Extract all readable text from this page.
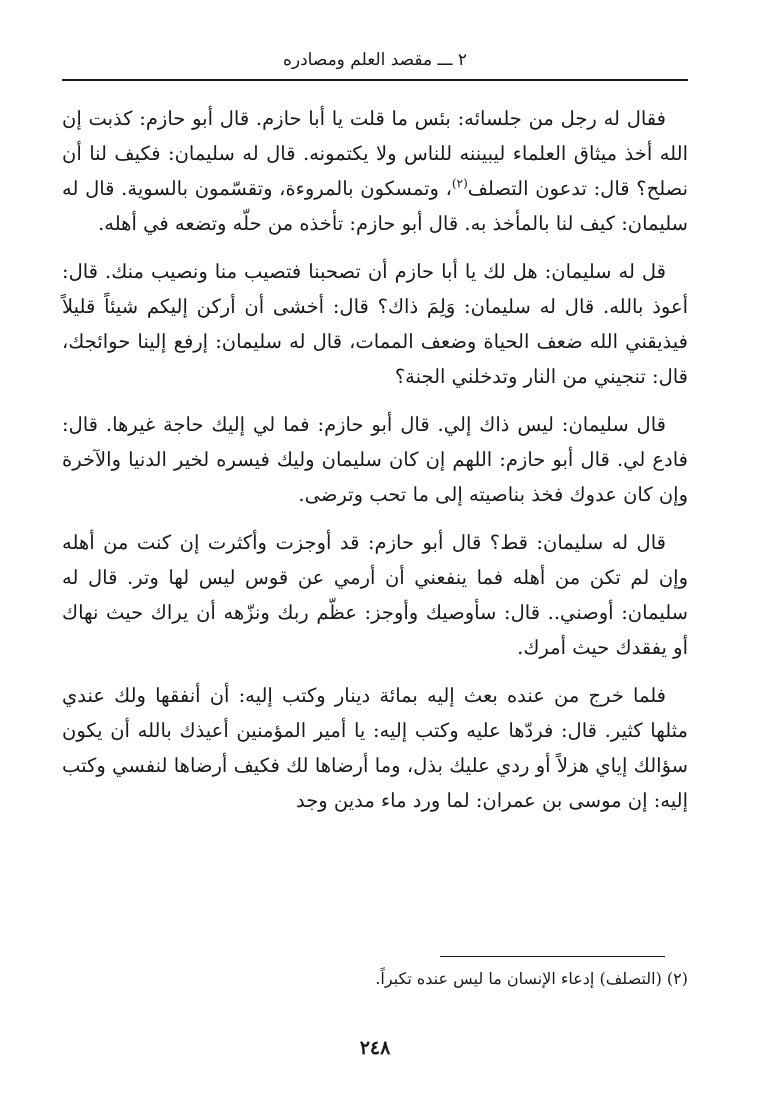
٢ ـــ مقصد العلم ومصادره

فقال له رجل من جلسائه: بئس ما قلت يا أبا حازم. قال أبو حازم: كذبت إن الله أخذ ميثاق العلماء ليبيننه للناس ولا يكتمونه. قال له سليمان: فكيف لنا أن نصلح؟ قال: تدعون التصلف$^{(٢)}$، وتمسكون بالمروءة، وتقسّمون بالسوية. قال له سليمان: كيف لنا بالمأخذ به. قال أبو حازم: تأخذه من حلّه وتضعه في أهله.

قل له سليمان: هل لك يا أبا حازم أن تصحبنا فتصيب منا ونصيب منك. قال: أعوذ بالله. قال له سليمان: وَلِمَ ذاك؟ قال: أخشى أن أركن إليكم شيئاً قليلاً فيذيقني الله ضعف الحياة وضعف الممات، قال له سليمان: إرفع إلينا حوائجك، قال: تنجيني من النار وتدخلني الجنة؟

قال سليمان: ليس ذاك إلي. قال أبو حازم: فما لي إليك حاجة غيرها. قال: فادع لي. قال أبو حازم: اللهم إن كان سليمان وليك فيسره لخير الدنيا والآخرة وإن كان عدوك فخذ بناصيته إلى ما تحب وترضى.

قال له سليمان: قط؟ قال أبو حازم: قد أوجزت وأكثرت إن كنت من أهله وإن لم تكن من أهله فما ينفعني أن أرمي عن قوس ليس لها وتر. قال له سليمان: أوصني.. قال: سأوصيك وأوجز: عظّم ربك ونزّهه أن يراك حيث نهاك أو يفقدك حيث أمرك.

فلما خرج من عنده بعث إليه بمائة دينار وكتب إليه: أن أنفقها ولك عندي مثلها كثير. قال: فردّها عليه وكتب إليه: يا أمير المؤمنين أعيذك بالله أن يكون سؤالك إياي هزلاً أو ردي عليك بذل، وما أرضاها لك فكيف أرضاها لنفسي وكتب إليه: إن موسى بن عمران: لما ورد ماء مدين وجد

(٢) (التصلف) إدعاء الإنسان ما ليس عنده تكبراً.
٢٤٨
